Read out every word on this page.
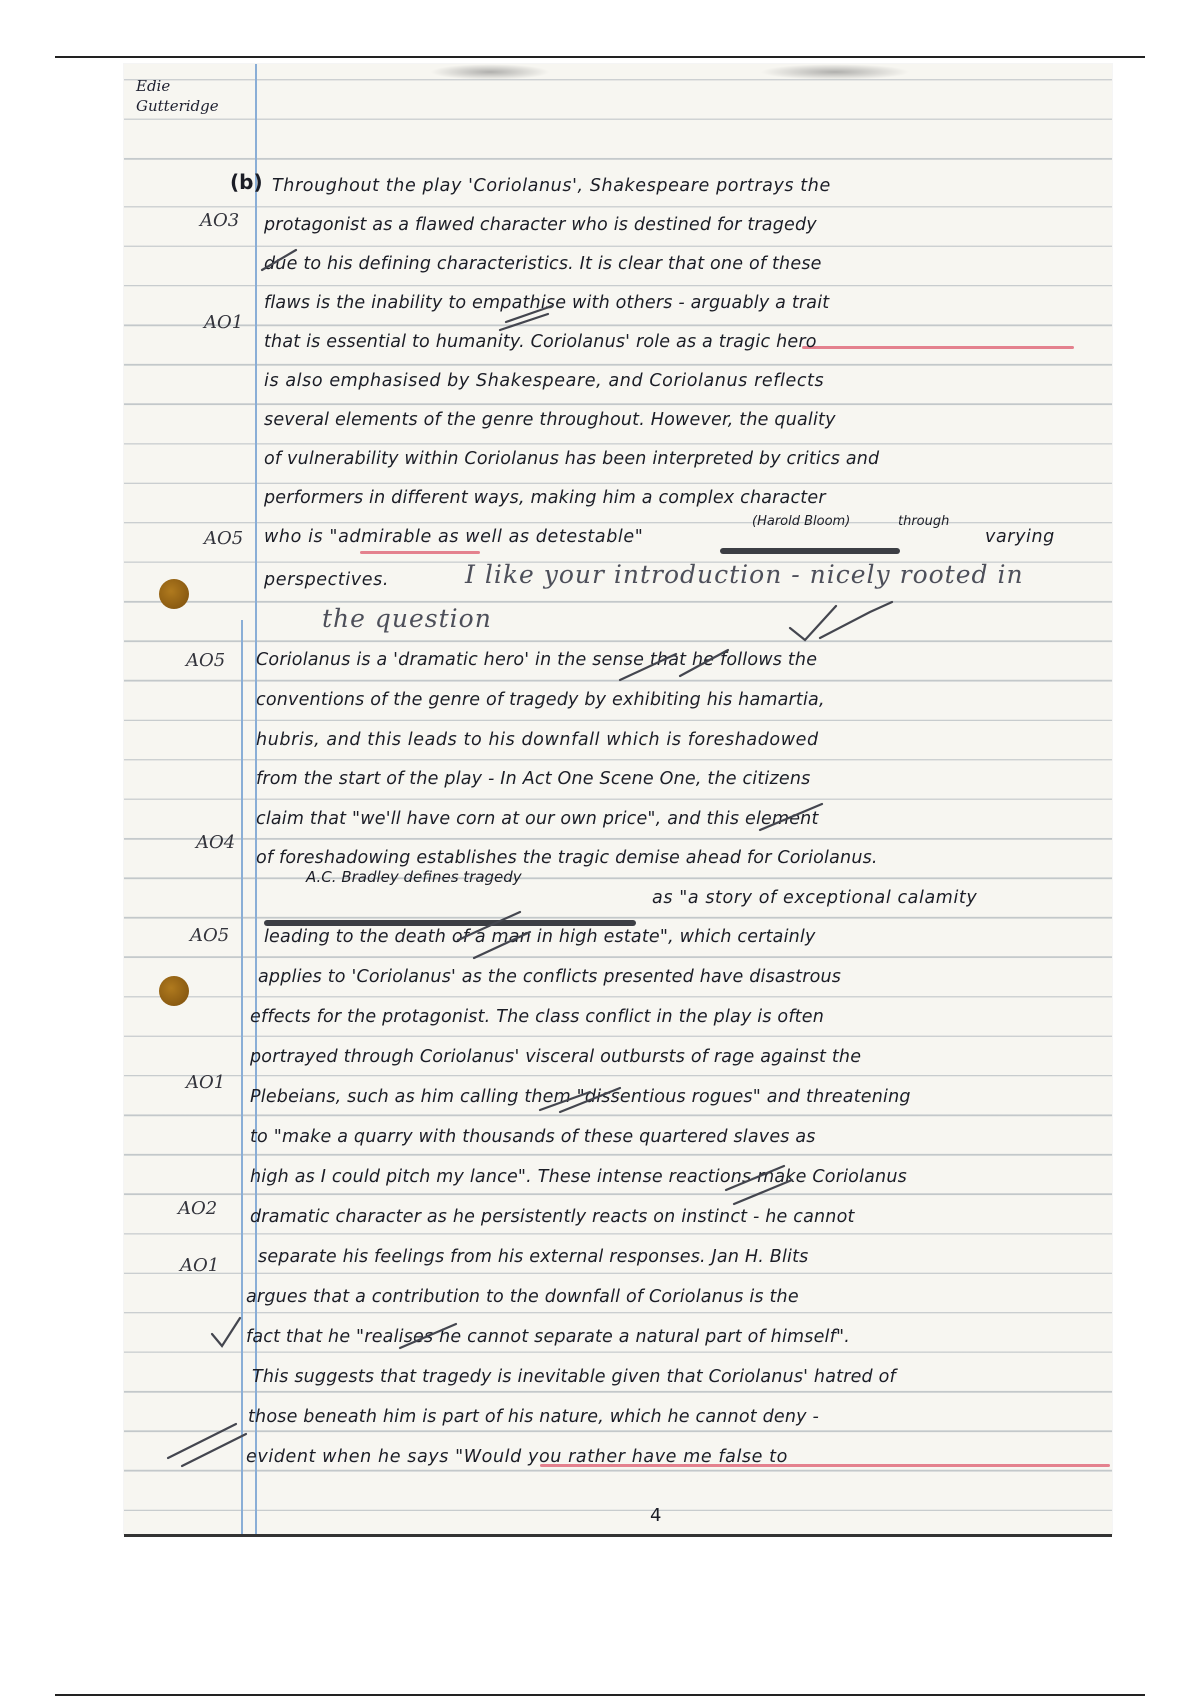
Edie
Gutteridge
(b)
AO3
AO1
AO5
AO5
AO4
AO5
AO1
AO2
AO1
Throughout the play 'Coriolanus', Shakespeare portrays the
protagonist as a flawed character who is destined for tragedy
due to his defining characteristics. It is clear that one of these
flaws is the inability to empathise with others - arguably a trait
that is essential to humanity. Coriolanus' role as a tragic hero
is also emphasised by Shakespeare, and Coriolanus reflects
several elements of the genre throughout. However, the quality
of vulnerability within Coriolanus has been interpreted by critics and
performers in different ways, making him a complex character
(Harold Bloom)	through
who is "admirable as well as detestable"	varying
perspectives.	I like your introduction - nicely rooted in
the question
Coriolanus is a 'dramatic hero' in the sense that he follows the
conventions of the genre of tragedy by exhibiting his hamartia,
hubris, and this leads to his downfall which is foreshadowed
from the start of the play - In Act One Scene One, the citizens
claim that "we'll have corn at our own price", and this element
of foreshadowing establishes the tragic demise ahead for Coriolanus.
A.C. Bradley defines tragedy
as "a story of exceptional calamity
leading to the death of a man in high estate", which certainly
applies to 'Coriolanus' as the conflicts presented have disastrous
effects for the protagonist. The class conflict in the play is often
portrayed through Coriolanus' visceral outbursts of rage against the
Plebeians, such as him calling them "dissentious rogues" and threatening
to "make a quarry with thousands of these quartered slaves as
high as I could pitch my lance". These intense reactions make Coriolanus
dramatic character as he persistently reacts on instinct - he cannot
separate his feelings from his external responses. Jan H. Blits
argues that a contribution to the downfall of Coriolanus is the
fact that he "realises he cannot separate a natural part of himself".
This suggests that tragedy is inevitable given that Coriolanus' hatred of
those beneath him is part of his nature, which he cannot deny -
evident when he says "Would you rather have me false to
4
